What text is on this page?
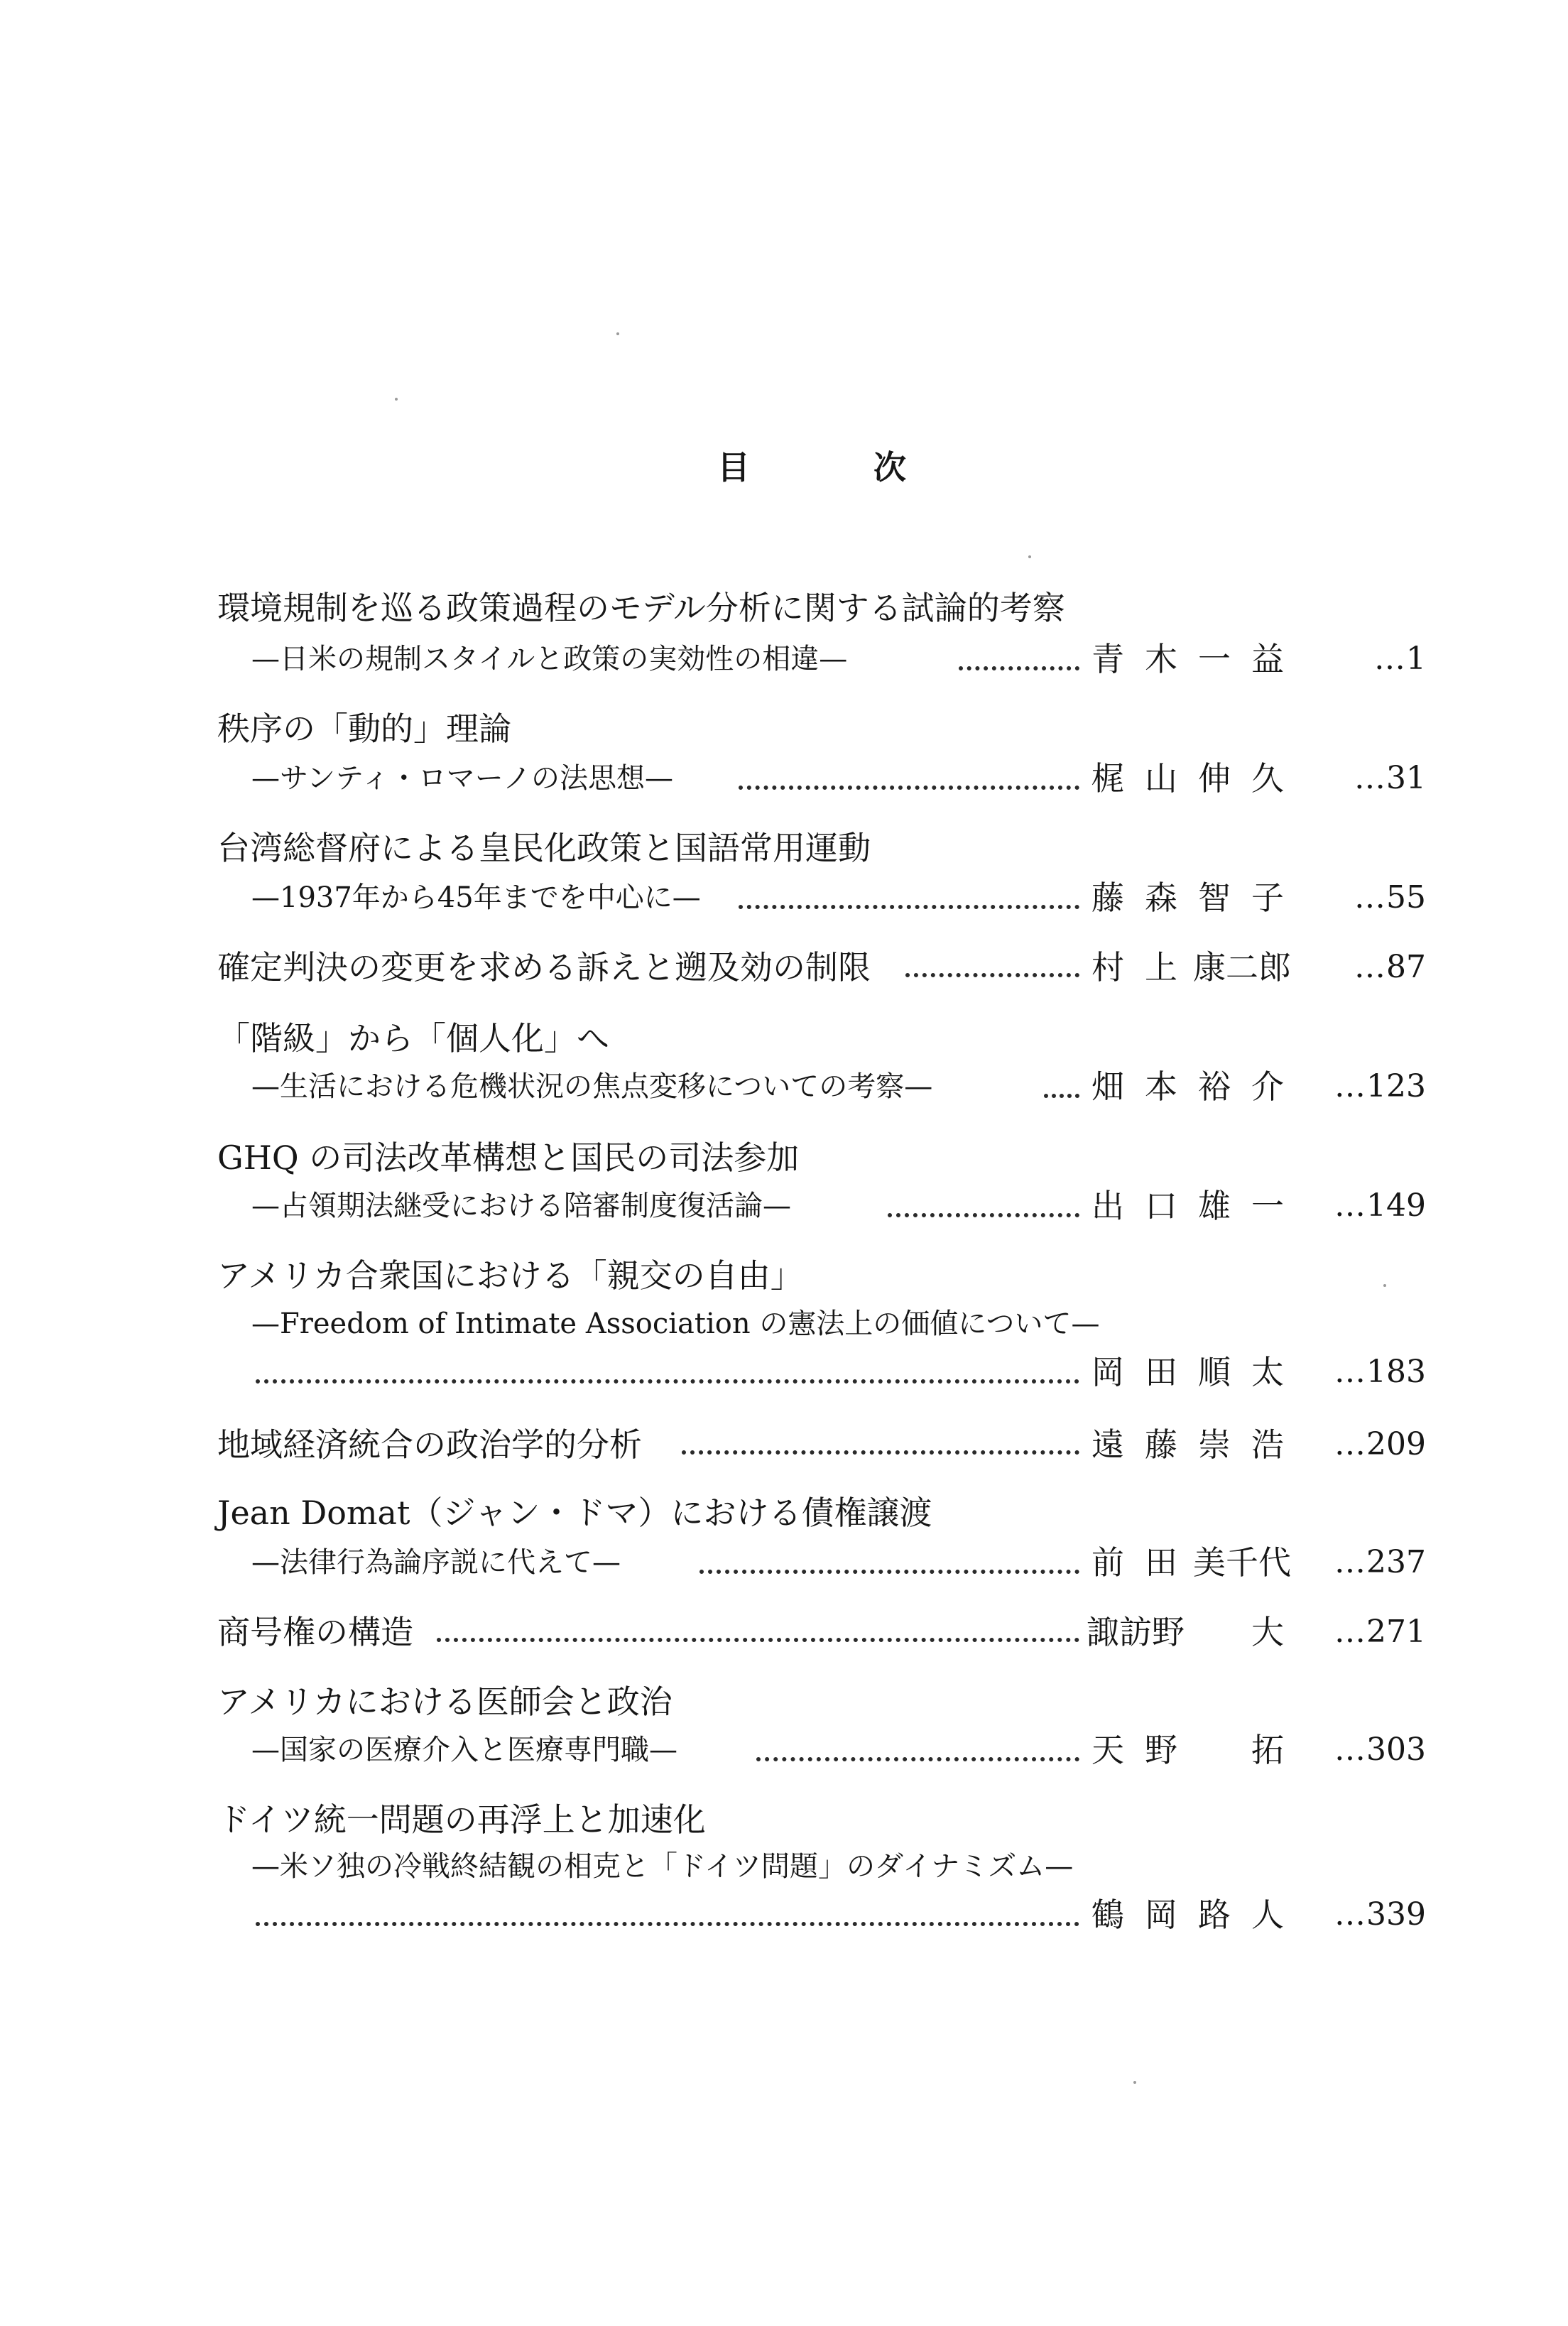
目	次
環境規制を巡る政策過程のモデル分析に関する試論的考察
—日米の規制スタイルと政策の実効性の相違—	青 木 一 益	…1
秩序の「動的」理論
—サンティ・ロマーノの法思想—	梶 山 伸 久 …31
台湾総督府による皇民化政策と国語常用運動
—1937年から45年までを中心に—	藤 森 智 子 …55
確定判決の変更を求める訴えと遡及効の制限	村 上 康二郎 …87
「階級」から「個人化」へ
—生活における危機状況の焦点変移についての考察—	畑 本 裕 介 …123
GHQ の司法改革構想と国民の司法参加
—占領期法継受における陪審制度復活論—	出 口 雄 一 …149
アメリカ合衆国における「親交の自由」
—Freedom of Intimate Association の憲法上の価値について—
岡 田 順 太 …183
地域経済統合の政治学的分析	遠 藤 崇 浩 …209
Jean Domat（ジャン・ドマ）における債権譲渡
—法律行為論序説に代えて—	前 田 美千代 …237
商号権の構造	諏訪野	大 …271
アメリカにおける医師会と政治
—国家の医療介入と医療専門職—	天 野 拓 …303
ドイツ統一問題の再浮上と加速化
—米ソ独の冷戦終結観の相克と「ドイツ問題」のダイナミズム—
鶴 岡 路 人 …339
